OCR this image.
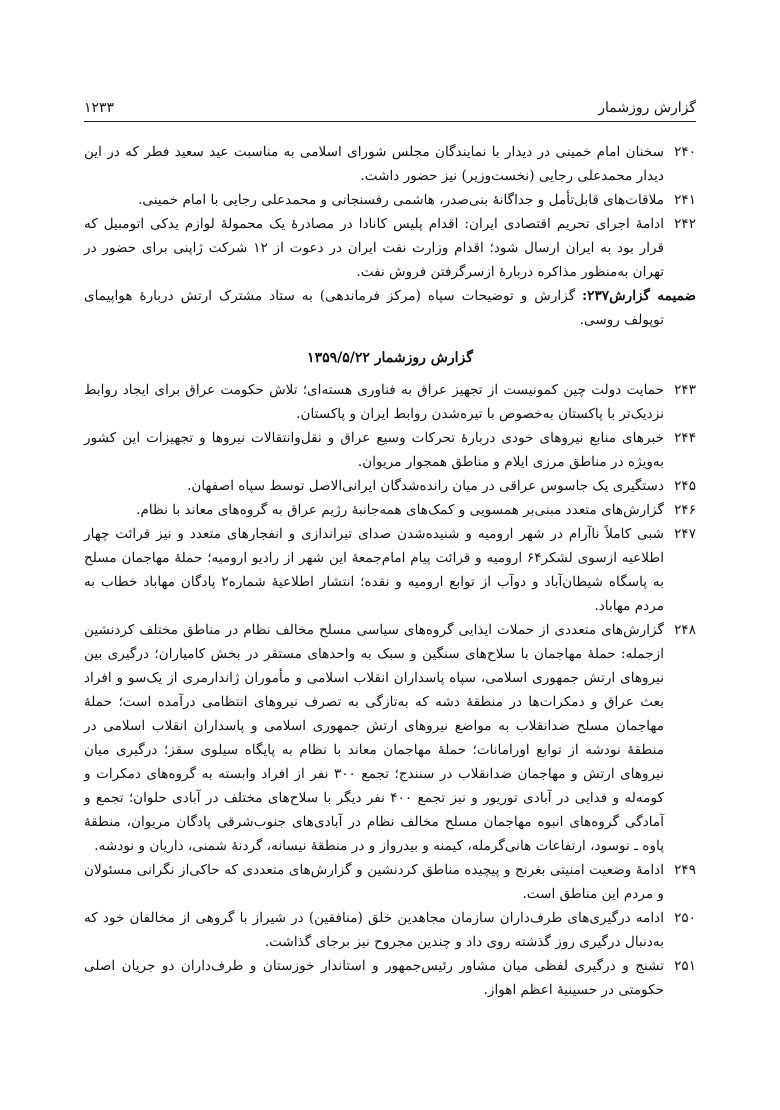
گزارش روزشمار
۱۲۳۳

۲۴۰
سخنان امام خمینی در دیدار با نمایندگان مجلس شورای اسلامی به مناسبت عید سعید فطر که در این دیدار محمدعلی رجایی (نخست‌وزیر) نیز حضور داشت.

۲۴۱
ملاقات‌های قابل‌تأمل و جداگانهٔ بنی‌صدر، هاشمی رفسنجانی و محمدعلی رجایی با امام خمینی.

۲۴۲
ادامهٔ اجرای تحریم اقتصادی ایران: اقدام پلیس کانادا در مصادرهٔ یک محمولهٔ لوازم یدکی اتومبیل که قرار بود به ایران ارسال شود؛ اقدام وزارت نفت ایران در دعوت از ۱۲ شرکت ژاپنی برای حضور در تهران به‌منظور مذاکره دربارهٔ ازسرگرفتن فروش نفت.

ضمیمه گزارش۲۳۷: گزارش و توضیحات سپاه (مرکز فرماندهی) به ستاد مشترک ارتش دربارهٔ هواپیمای توپولف روسی.

گزارش روزشمار ۱۳۵۹/۵/۲۲

۲۴۳
حمایت دولت چین کمونیست از تجهیز عراق به فناوری هسته‌ای؛ تلاش حکومت عراق برای ایجاد روابط نزدیک‌تر با پاکستان به‌خصوص با تیره‌شدن روابط ایران و پاکستان.

۲۴۴
خبرهای منابع نیروهای خودی دربارهٔ تحرکات وسیع عراق و نقل‌وانتقالات نیروها و تجهیزات این کشور به‌ویژه در مناطق مرزی ایلام و مناطق همجوار مریوان.

۲۴۵
دستگیری یک جاسوس عراقی در میان رانده‌شدگان ایرانی‌الاصل توسط سپاه اصفهان.

۲۴۶
گزارش‌های متعدد مبنی‌بر همسویی و کمک‌های همه‌جانبهٔ رژیم عراق به گروه‌های معاند با نظام.

۲۴۷
شبی کاملاً ناآرام در شهر ارومیه و شنیده‌شدن صدای تیراندازی و انفجارهای متعدد و نیز قرائت چهار اطلاعیه ازسوی لشکر۶۴ ارومیه و قرائت پیام امام‌جمعهٔ این شهر از رادیو ارومیه؛ حملهٔ مهاجمان مسلح به پاسگاه شیطان‌آباد و دوآب از توابع ارومیه و نقده؛ انتشار اطلاعیهٔ شماره۲ پادگان مهاباد خطاب به مردم مهاباد.

۲۴۸
گزارش‌های متعددی از حملات ایذایی گروه‌های سیاسی مسلح مخالف نظام در مناطق مختلف کردنشین ازجمله: حملهٔ مهاجمان با سلاح‌های سنگین و سبک به واحدهای مستقر در بخش کامیاران؛ درگیری بین نیروهای ارتش جمهوری اسلامی، سپاه پاسداران انقلاب اسلامی و مأموران ژاندارمری از یک‌سو و افراد بعث عراق و دمکرات‌ها در منطقهٔ دشه که به‌تازگی به تصرف نیروهای انتظامی درآمده است؛ حملهٔ مهاجمان مسلح ضدانقلاب به مواضع نیروهای ارتش جمهوری اسلامی و پاسداران انقلاب اسلامی در منطقهٔ نودشه از توابع اورامانات؛ حملهٔ مهاجمان معاند با نظام به پایگاه سیلوی سقز؛ درگیری میان نیروهای ارتش و مهاجمان ضدانقلاب در سنندج؛ تجمع ۳۰۰ نفر از افراد وابسته به گروه‌های دمکرات و کومه‌له و فدایی در آبادی توریور و نیز تجمع ۴۰۰ نفر دیگر با سلاح‌های مختلف در آبادی حلوان؛ تجمع و آمادگی گروه‌های انبوه مهاجمان مسلح مخالف نظام در آبادی‌های جنوب‌شرقی پادگان مریوان، منطقهٔ پاوه ـ نوسود، ارتفاعات هانی‌گرمله، کیمنه و بیدرواز و در منطقهٔ نیسانه، گردنهٔ شمنی، داریان و نودشه.

۲۴۹
ادامهٔ وضعیت امنیتی بغرنج و پیچیده مناطق کردنشین و گزارش‌های متعددی که حاکی‌از نگرانی مسئولان و مردم این مناطق است.

۲۵۰
ادامه درگیری‌های طرف‌داران سازمان مجاهدین خلق (منافقین) در شیراز با گروهی از مخالفان خود که به‌دنبال درگیری روز گذشته روی داد و چندین مجروح نیز برجای گذاشت.

۲۵۱
تشنج و درگیری لفظی میان مشاور رئیس‌جمهور و استاندار خوزستان و طرف‌داران دو جریان اصلی حکومتی در حسینیهٔ اعظم اهواز.
